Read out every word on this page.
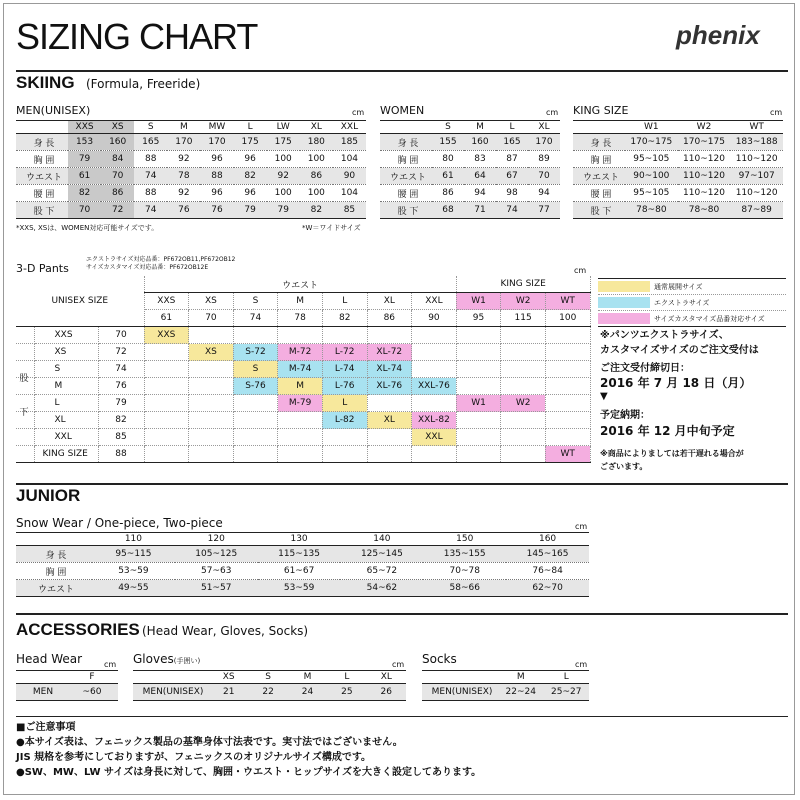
SIZING CHART	phenix
SKIING (Formula, Freeride)
MEN(UNISEX)	cm
	XXS	XS	S	M	MW	L	LW	XL	XXL
身 長	153	160	165	170	170	175	175	180	185
胸 囲	79	84	88	92	96	96	100	100	104
ウエスト	61	70	74	78	88	82	92	86	90
腰 囲	82	86	88	92	96	96	100	100	104
股 下	70	72	74	76	76	79	79	82	85
*XXS, XSは、WOMEN対応可能サイズです。	*W＝ワイドサイズ
WOMEN	cm
	S	M	L	XL
身 長	155	160	165	170
胸 囲	80	83	87	89
ウエスト	61	64	67	70
腰 囲	86	94	98	94
股 下	68	71	74	77
KING SIZE	cm
	W1	W2	WT
身 長	170~175	170~175	183~188
胸 囲	95~105	110~120	110~120
ウエスト	90~100	110~120	97~107
腰 囲	95~105	110~120	110~120
股 下	78~80	78~80	87~89
3-D Pants
エクストラサイズ対応品番：PF672OB11,PF672OB12
サイズカスタマイズ対応品番：PF672OB12E	cm
UNISEX SIZE			ウエスト							KING SIZE		
			XXS	XS	S	M	L	XL	XXL	W1	W2	WT
			61	70	74	78	82	86	90	95	115	100
	XXS	70	XXS									
	XS	72		XS	S-72	M-72	L-72	XL-72				
	S	74			S	M-74	L-74	XL-74				
	M	76			S-76	M	L-76	XL-76	XXL-76			
	L	79				M-79	L			W1	W2	
	XL	82					L-82	XL	XXL-82			
	XXL	85							XXL			
	KING SIZE	88										WT
股
下
通常展開サイズ
エクストラサイズ
サイズカスタマイズ品番対応サイズ
※パンツエクストラサイズ、
カスタマイズサイズのご注文受付は
ご注文受付締切日：
2016 年 7 月 18 日（月）
▼
予定納期：
2016 年 12 月中旬予定
※商品によりましては若干遅れる場合が
ございます。
JUNIOR
Snow Wear / One-piece, Two-piece	cm
	110	120	130	140	150	160
身 長	95~115	105~125	115~135	125~145	135~155	145~165
胸 囲	53~59	57~63	61~67	65~72	70~78	76~84
ウエスト	49~55	51~57	53~59	54~62	58~66	62~70
ACCESSORIES (Head Wear, Gloves, Socks)
Head Wear	cm
	F
MEN	~60
Gloves(手囲い)	cm
	XS	S	M	L	XL
MEN(UNISEX)	21	22	24	25	26
Socks	cm
	M	L
MEN(UNISEX)	22~24	25~27
■ご注意事項
●本サイズ表は、フェニックス製品の基準身体寸法表です。実寸法ではございません。
JIS 規格を参考にしておりますが、フェニックスのオリジナルサイズ構成です。
●SW、MW、LW サイズは身長に対して、胸囲・ウエスト・ヒップサイズを大きく設定してあります。
